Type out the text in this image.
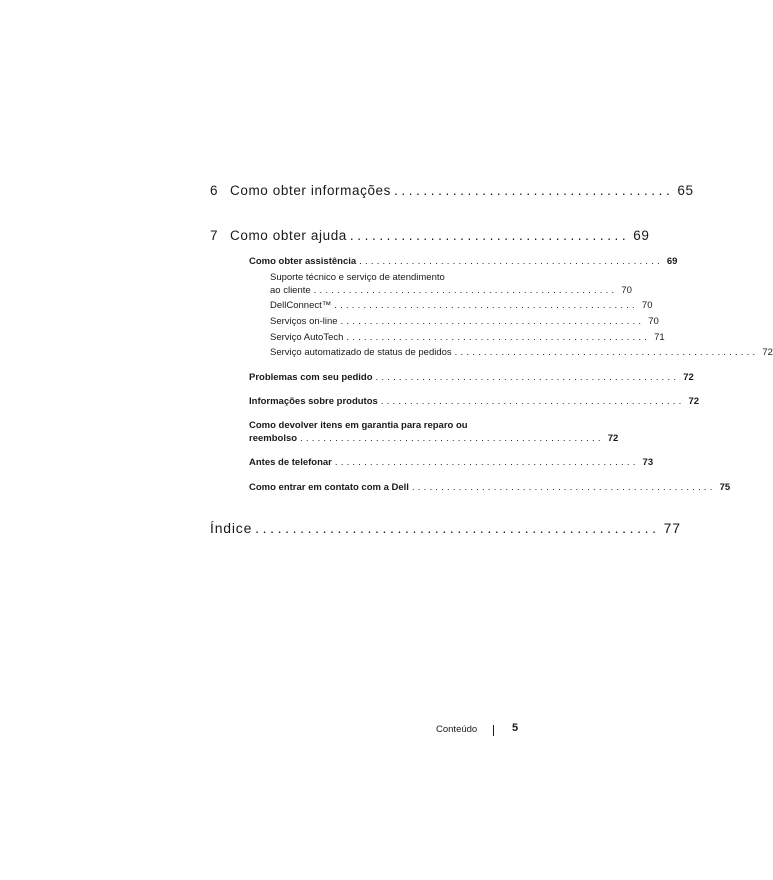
6 Como obter informações ...................................... 65
7 Como obter ajuda ...................................... 69
Como obter assistência .................................................... 69
Suporte técnico e serviço de atendimento
ao cliente .................................................... 70
DellConnect™ .................................................... 70
Serviços on-line .................................................... 70
Serviço AutoTech .................................................... 71
Serviço automatizado de status de pedidos .................................................... 72
Problemas com seu pedido .................................................... 72
Informações sobre produtos .................................................... 72
Como devolver itens em garantia para reparo ou
reembolso .................................................... 72
Antes de telefonar .................................................... 73
Como entrar em contato com a Dell .................................................... 75
Índice ...................................................... 77
Conteúdo	5
